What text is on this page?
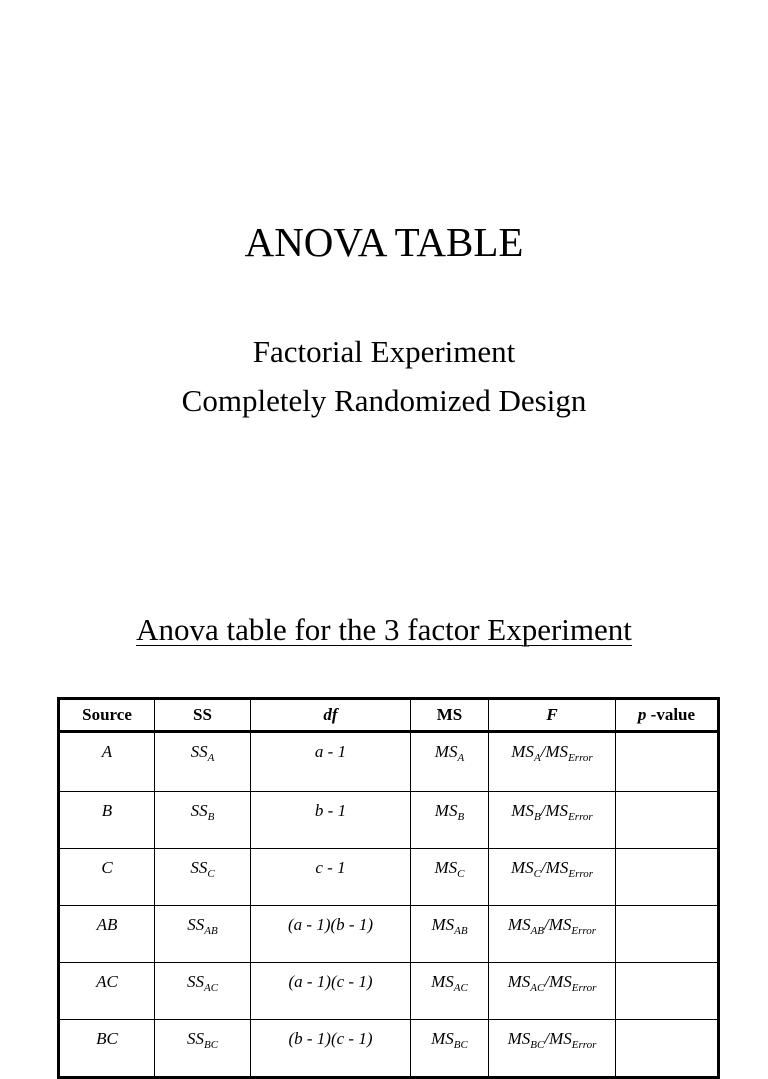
ANOVA TABLE
Factorial Experiment
Completely Randomized Design
Anova table for the 3 factor Experiment
Source	SS	df	MS	F	p -value
A	$SS_A$	a - 1	$MS_A$	$MS_A/MS_{Error}$	
B	$SS_B$	b - 1	$MS_B$	$MS_B/MS_{Error}$	
C	$SS_C$	c - 1	$MS_C$	$MS_C/MS_{Error}$	
AB	$SS_{AB}$	(a - 1)(b - 1)	$MS_{AB}$	$MS_{AB}/MS_{Error}$	
AC	$SS_{AC}$	(a - 1)(c - 1)	$MS_{AC}$	$MS_{AC}/MS_{Error}$	
BC	$SS_{BC}$	(b - 1)(c - 1)	$MS_{BC}$	$MS_{BC}/MS_{Error}$	
